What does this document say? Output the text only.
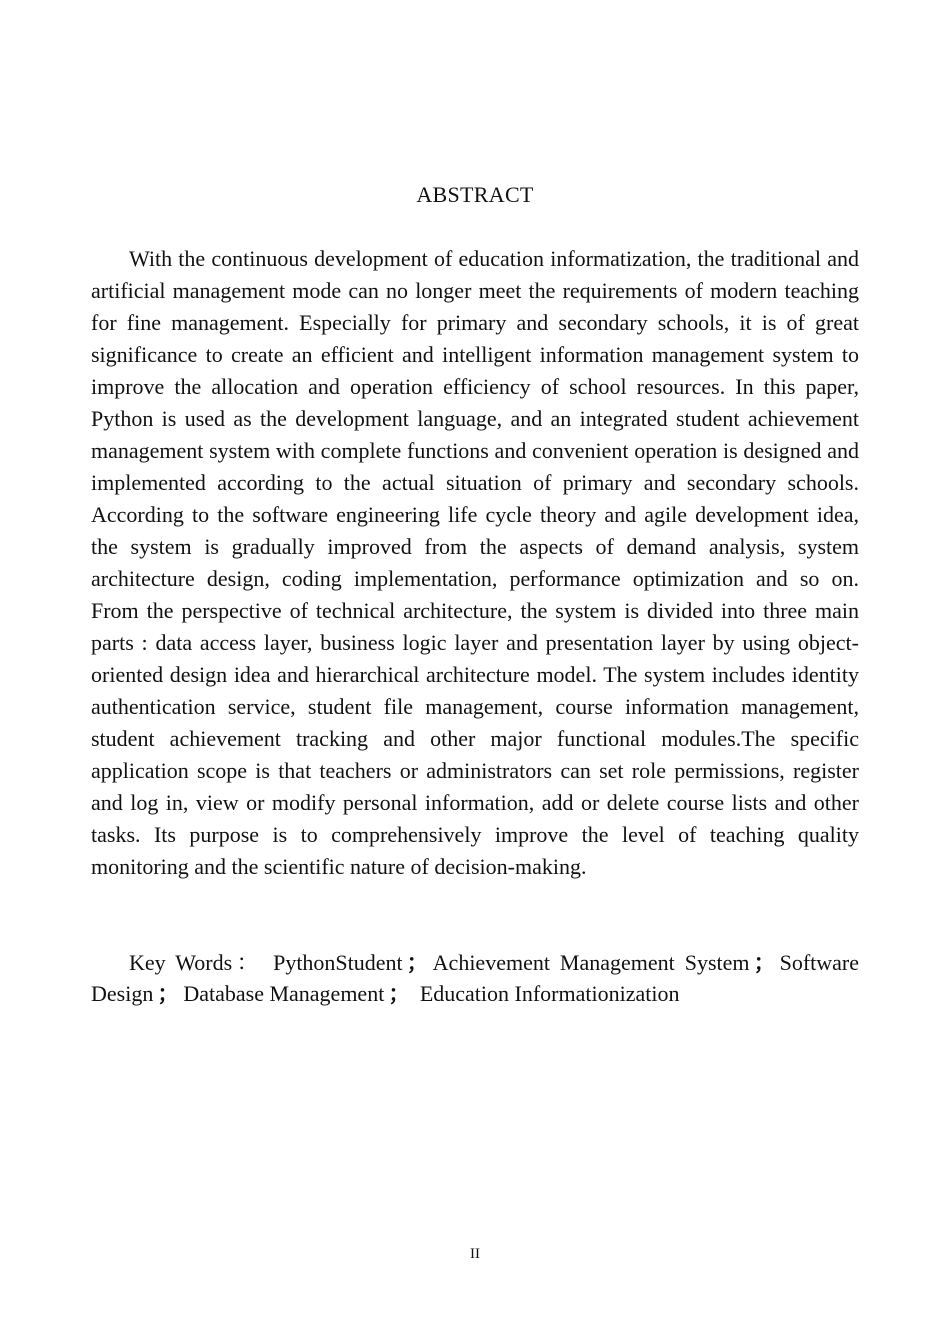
ABSTRACT

With the continuous development of education informatization, the traditional and artificial management mode can no longer meet the requirements of modern teaching for fine management. Especially for primary and secondary schools, it is of great significance to create an efficient and intelligent information management system to improve the allocation and operation efficiency of school resources. In this paper, Python is used as the development language, and an integrated student achievement management system with complete functions and convenient operation is designed and implemented according to the actual situation of primary and secondary schools. According to the software engineering life cycle theory and agile development idea, the system is gradually improved from the aspects of demand analysis, system architecture design, coding implementation, performance optimization and so on. From the perspective of technical architecture, the system is divided into three main parts : data access layer, business logic layer and presentation layer by using object-oriented design idea and hierarchical architecture model. The system includes identity authentication service, student file management, course information management, student achievement tracking and other major functional modules.The specific application scope is that teachers or administrators can set role permissions, register and log in, view or modify personal information, add or delete course lists and other tasks. Its purpose is to comprehensively improve the level of teaching quality monitoring and the scientific nature of decision-making.

Key Words： PythonStudent ； Achievement Management System ； Software Design ； Database Management ； Education Informationization

II
